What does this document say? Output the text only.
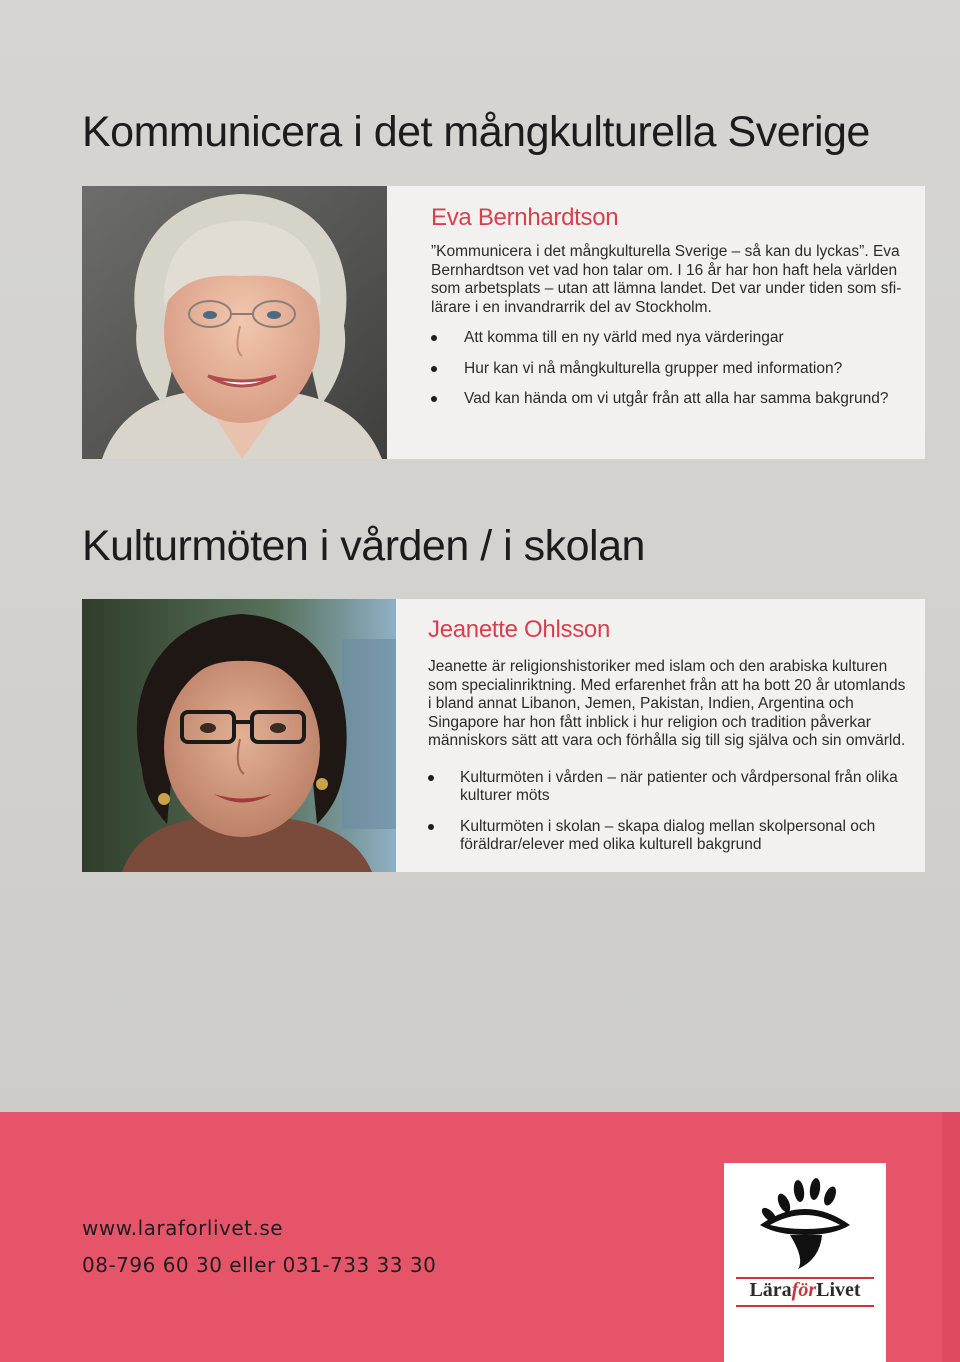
Kommunicera i det mångkulturella Sverige
Eva Bernhardtson

”Kommunicera i det mångkulturella Sverige – så kan du lyckas”. Eva Bernhardtson vet vad hon talar om. I 16 år har hon haft hela världen som arbetsplats – utan att lämna landet. Det var under tiden som sfi-lärare i en invandrarrik del av Stockholm.

Att komma till en ny värld med nya värderingar
Hur kan vi nå mångkulturella grupper med information?
Vad kan hända om vi utgår från att alla har samma bakgrund?
Kulturmöten i vården / i skolan
Jeanette Ohlsson

Jeanette är religionshistoriker med islam och den arabiska kulturen som specialinriktning. Med erfarenhet från att ha bott 20 år utomlands i bland annat Libanon, Jemen, Pakistan, Indien, Argentina och Singapore har hon fått inblick i hur religion och tradition påverkar människors sätt att vara och förhålla sig till sig själva och sin omvärld.

Kulturmöten i vården – när patienter och vårdpersonal från olika kulturer möts
Kulturmöten i skolan – skapa dialog mellan skolpersonal och föräldrar/elever med olika kulturell bakgrund
www.laraforlivet.se
08-796 60 30 eller 031-733 33 30
LäraförLivet
